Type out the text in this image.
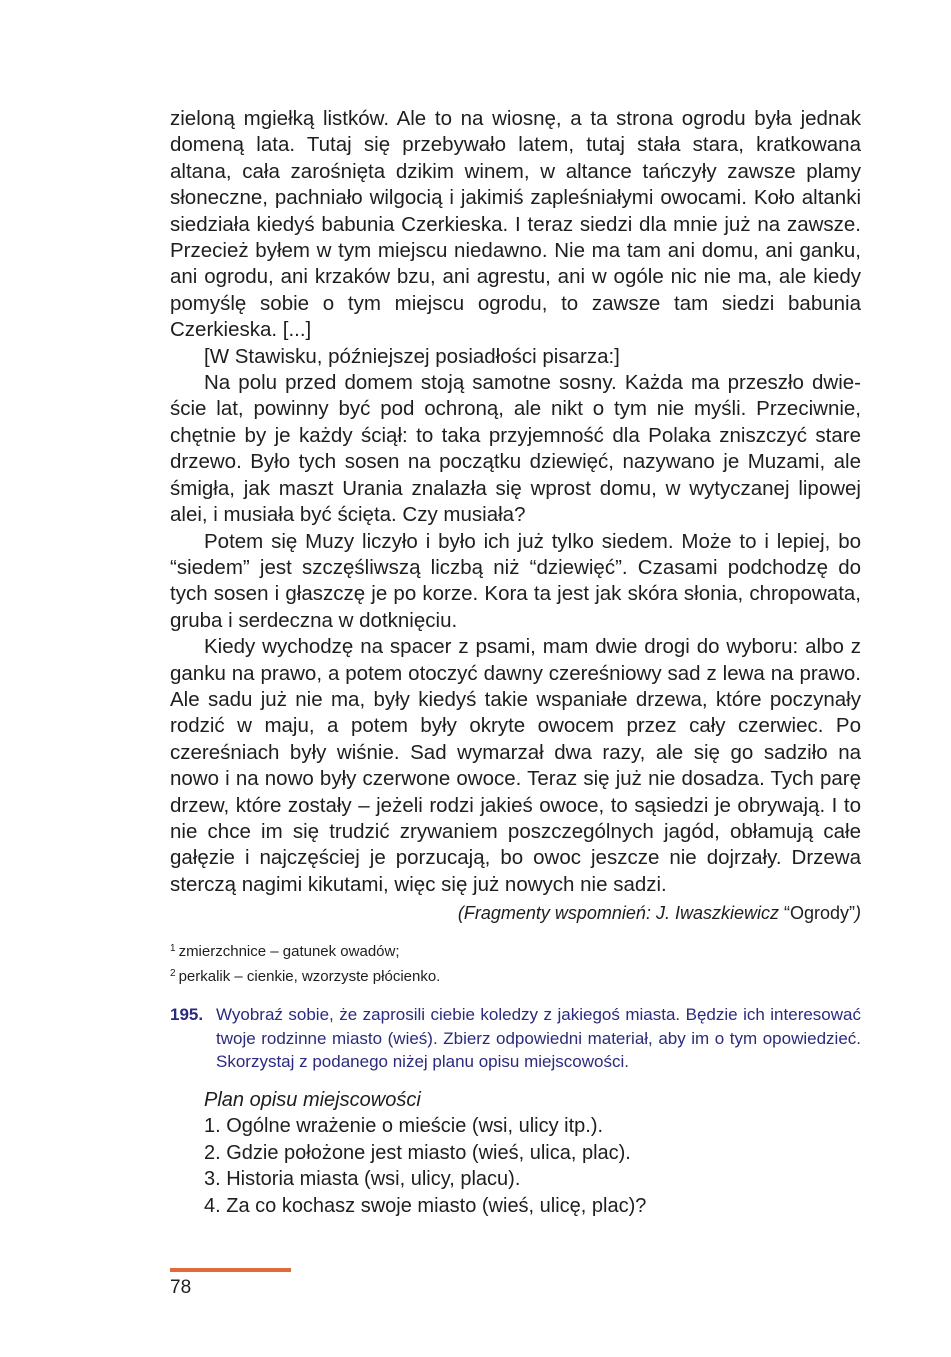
zieloną mgiełką listków. Ale to na wiosnę, a ta strona ogrodu była jednak domeną lata. Tutaj się przebywało latem, tutaj stała stara, kratkowana altana, cała zarośnięta dzikim winem, w altance tańczyły zawsze plamy słoneczne, pachniało wilgocią i jakimiś zapleśniałymi owocami. Koło altanki siedziała kiedyś babunia Czerkieska. I teraz siedzi dla mnie już na zawsze. Przecież byłem w tym miejscu niedawno. Nie ma tam ani domu, ani ganku, ani ogrodu, ani krzaków bzu, ani agrestu, ani w ogóle nic nie ma, ale kiedy pomyślę sobie o tym miejscu ogrodu, to zawsze tam siedzi babunia Czerkieska. [...]

[W Stawisku, późniejszej posiadłości pisarza:]

Na polu przed domem stoją samotne sosny. Każda ma przeszło dwieście lat, powinny być pod ochroną, ale nikt o tym nie myśli. Przeciwnie, chętnie by je każdy ściął: to taka przyjemność dla Polaka zniszczyć stare drzewo. Było tych sosen na początku dziewięć, nazywano je Muzami, ale śmigła, jak maszt Urania znalazła się wprost domu, w wytyczanej lipowej alei, i musiała być ścięta. Czy musiała?

Potem się Muzy liczyło i było ich już tylko siedem. Może to i lepiej, bo “siedem” jest szczęśliwszą liczbą niż “dziewięć”. Czasami podchodzę do tych sosen i głaszczę je po korze. Kora ta jest jak skóra słonia, chropowata, gruba i serdeczna w dotknięciu.

Kiedy wychodzę na spacer z psami, mam dwie drogi do wyboru: albo z ganku na prawo, a potem otoczyć dawny czereśniowy sad z lewa na prawo. Ale sadu już nie ma, były kiedyś takie wspaniałe drzewa, które poczynały rodzić w maju, a potem były okryte owocem przez cały czerwiec. Po czereśniach były wiśnie. Sad wymarzał dwa razy, ale się go sadziło na nowo i na nowo były czerwone owoce. Teraz się już nie dosadza. Tych parę drzew, które zostały – jeżeli rodzi jakieś owoce, to sąsiedzi je obrywają. I to nie chce im się trudzić zrywaniem poszczególnych jagód, obłamują całe gałęzie i najczęściej je porzucają, bo owoc jeszcze nie dojrzały. Drzewa sterczą nagimi kikutami, więc się już nowych nie sadzi.

(Fragmenty wspomnień: J. Iwaszkiewicz “Ogrody”)
$^1$ zmierzchnice – gatunek owadów;
$^2$ perkalik – cienkie, wzorzyste płócienko.
195. Wyobraź sobie, że zaprosili ciebie koledzy z jakiegoś miasta. Będzie ich interesować twoje rodzinne miasto (wieś). Zbierz odpowiedni materiał, aby im o tym opowiedzieć. Skorzystaj z podanego niżej planu opisu miejscowości.
Plan opisu miejscowości
1. Ogólne wrażenie o mieście (wsi, ulicy itp.).
2. Gdzie położone jest miasto (wieś, ulica, plac).
3. Historia miasta (wsi, ulicy, placu).
4. Za co kochasz swoje miasto (wieś, ulicę, plac)?
78
